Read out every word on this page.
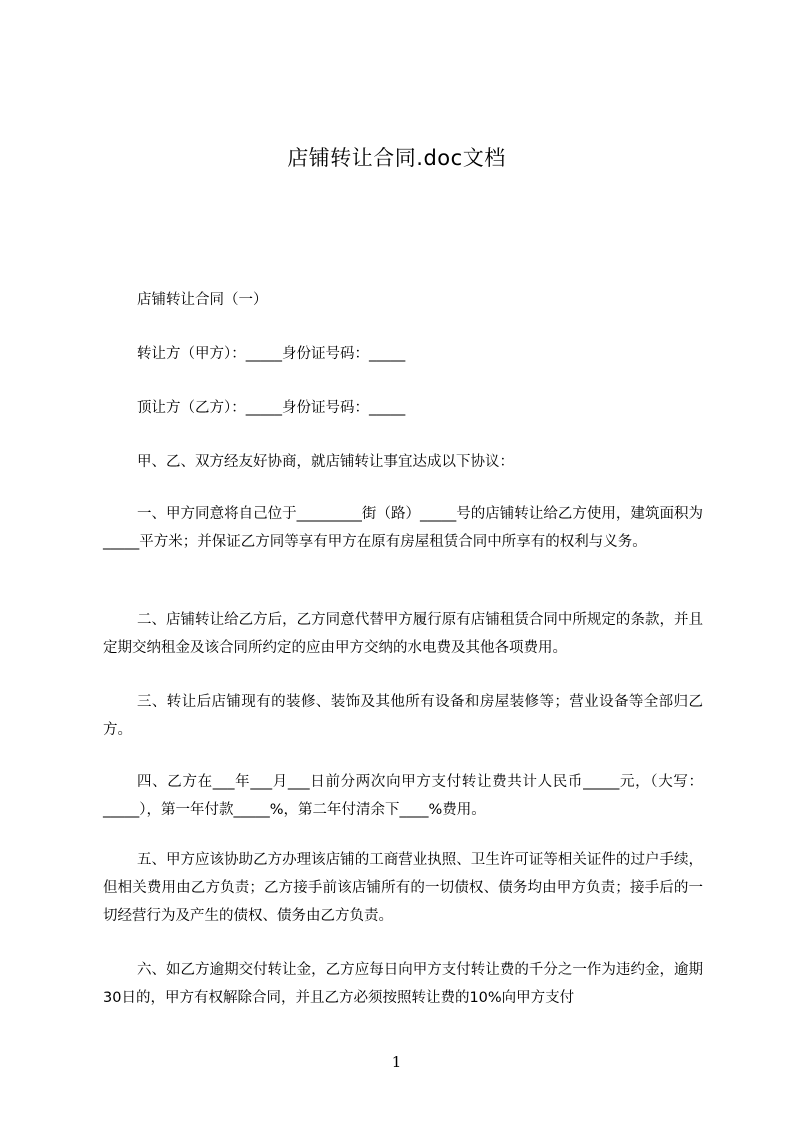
店铺转让合同.doc文档

店铺转让合同（一）

转让方（甲方）：_____身份证号码：_____

顶让方（乙方）：_____身份证号码：_____

甲、乙、双方经友好协商，就店铺转让事宜达成以下协议：

一、甲方同意将自己位于_________街（路）_____号的店铺转让给乙方使用，建筑面积为_____平方米；并保证乙方同等享有甲方在原有房屋租赁合同中所享有的权利与义务。

二、店铺转让给乙方后，乙方同意代替甲方履行原有店铺租赁合同中所规定的条款，并且定期交纳租金及该合同所约定的应由甲方交纳的水电费及其他各项费用。

三、转让后店铺现有的装修、装饰及其他所有设备和房屋装修等；营业设备等全部归乙方。

四、乙方在___年___月___日前分两次向甲方支付转让费共计人民币_____元，（大写：_____），第一年付款_____%，第二年付清余下____%费用。

五、甲方应该协助乙方办理该店铺的工商营业执照、卫生许可证等相关证件的过户手续，但相关费用由乙方负责；乙方接手前该店铺所有的一切债权、债务均由甲方负责；接手后的一切经营行为及产生的债权、债务由乙方负责。

六、如乙方逾期交付转让金，乙方应每日向甲方支付转让费的千分之一作为违约金，逾期30日的，甲方有权解除合同，并且乙方必须按照转让费的10%向甲方支付

1
